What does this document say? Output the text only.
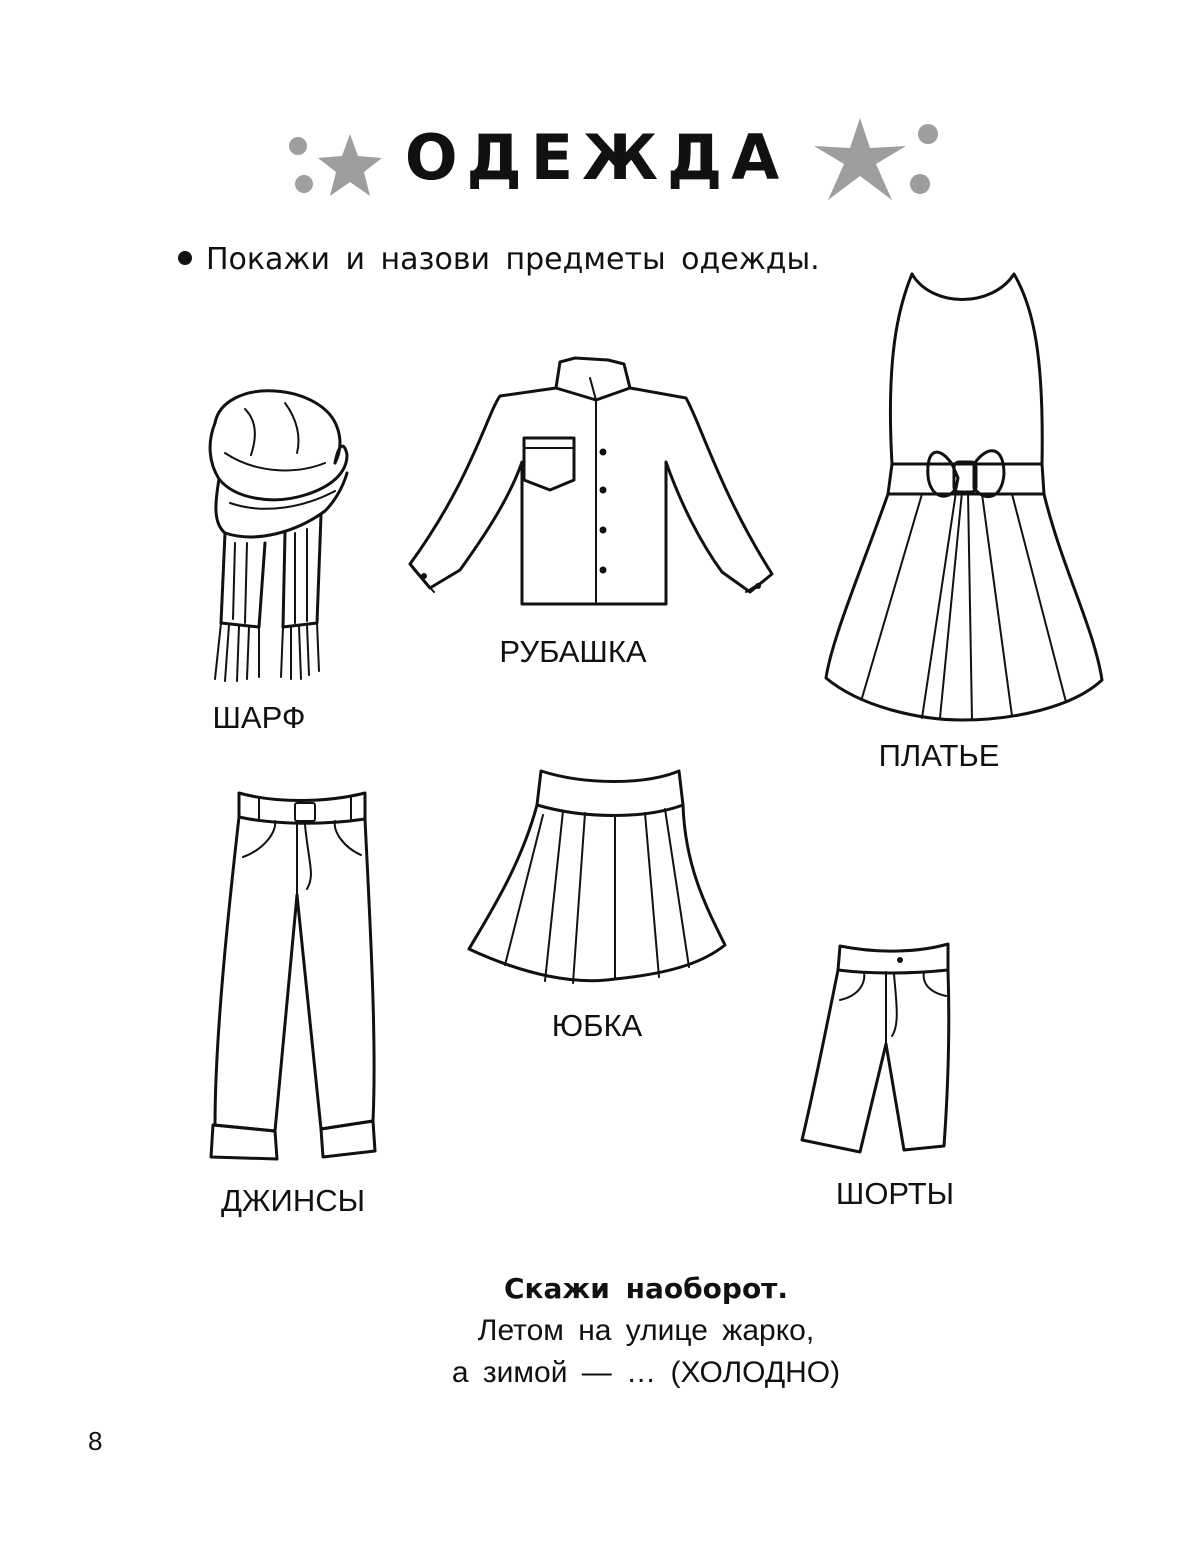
ОДЕЖДА
Покажи и назови предметы одежды.
ШАРФ
РУБАШКА
ПЛАТЬЕ
ДЖИНСЫ
ЮБКА
ШОРТЫ
Скажи наоборот.
Летом на улице жарко,
а зимой — … (ХОЛОДНО)
8
